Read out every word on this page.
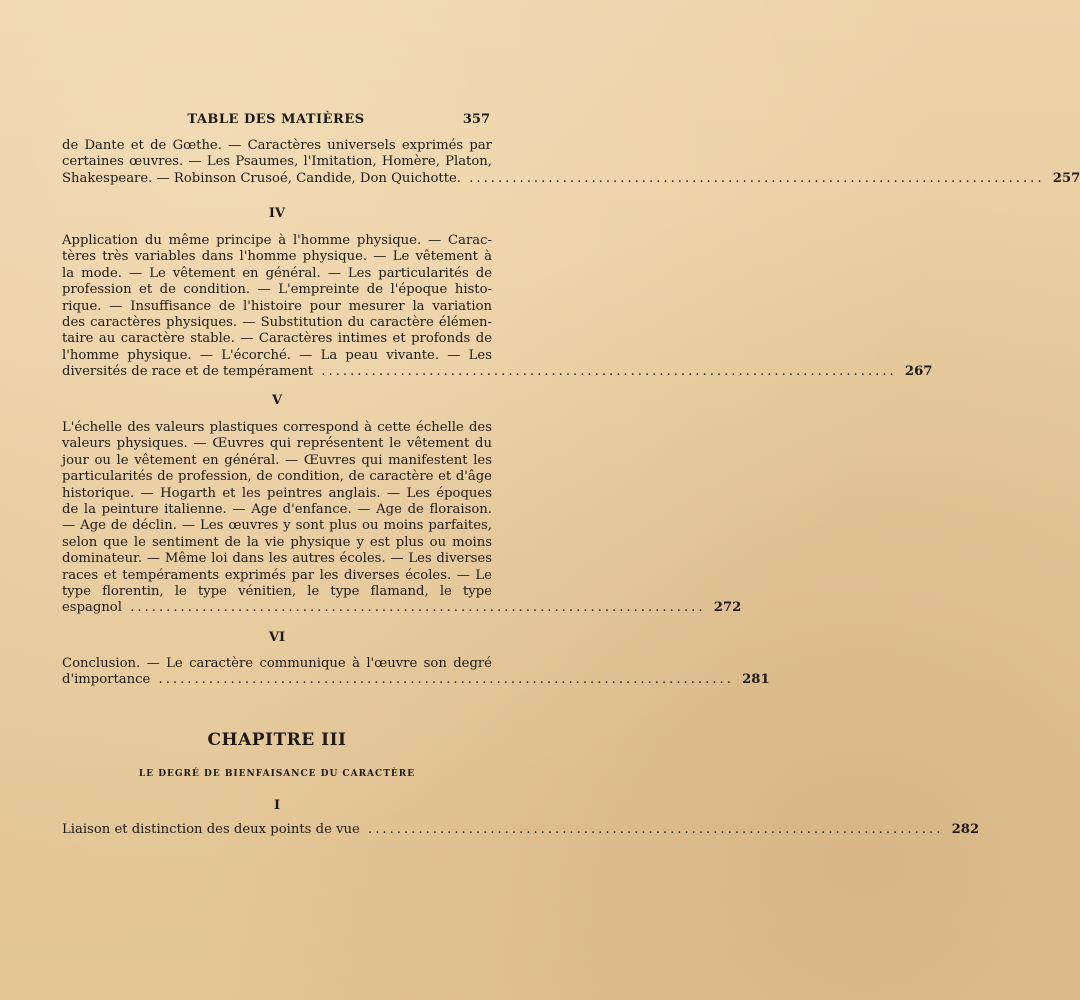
TABLE DES MATIÈRES	357
de Dante et de Gœthe. — Caractères universels exprimés par
certaines œuvres. — Les Psaumes, l'Imitation, Homère, Platon,
Shakespeare. — Robinson Crusoé, Candide, Don Quichotte. ................................................................................ 257
IV
Application du même principe à l'homme physique. — Carac-
tères très variables dans l'homme physique. — Le vêtement à
la mode. — Le vêtement en général. — Les particularités de
profession et de condition. — L'empreinte de l'époque histo-
rique. — Insuffisance de l'histoire pour mesurer la variation
des caractères physiques. — Substitution du caractère élémen-
taire au caractère stable. — Caractères intimes et profonds de
l'homme physique. — L'écorché. — La peau vivante. — Les
diversités de race et de tempérament ................................................................................ 267
V
L'échelle des valeurs plastiques correspond à cette échelle des
valeurs physiques. — Œuvres qui représentent le vêtement du
jour ou le vêtement en général. — Œuvres qui manifestent les
particularités de profession, de condition, de caractère et d'âge
historique. — Hogarth et les peintres anglais. — Les époques
de la peinture italienne. — Age d'enfance. — Age de floraison.
— Age de déclin. — Les œuvres y sont plus ou moins parfaites,
selon que le sentiment de la vie physique y est plus ou moins
dominateur. — Même loi dans les autres écoles. — Les diverses
races et tempéraments exprimés par les diverses écoles. — Le
type florentin, le type vénitien, le type flamand, le type
espagnol ................................................................................ 272
VI
Conclusion. — Le caractère communique à l'œuvre son degré
d'importance ................................................................................ 281
CHAPITRE III
LE DEGRÉ DE BIENFAISANCE DU CARACTÈRE
I
Liaison et distinction des deux points de vue ................................................................................ 282
